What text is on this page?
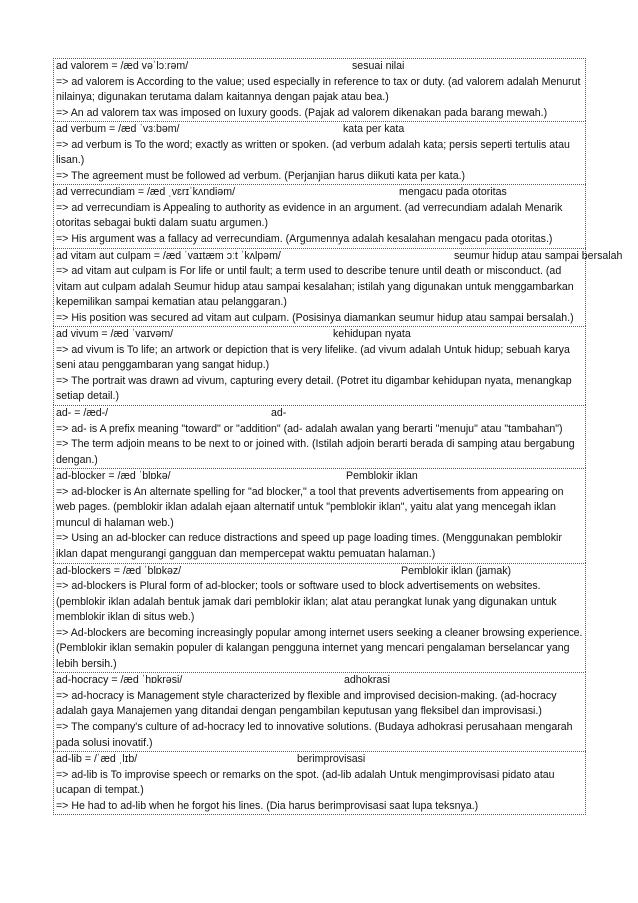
ad valorem = /æd vəˈlɔːrəm/	sesuai nilai
=> ad valorem is According to the value; used especially in reference to tax or duty. (ad valorem adalah Menurut nilainya; digunakan terutama dalam kaitannya dengan pajak atau bea.)
=> An ad valorem tax was imposed on luxury goods. (Pajak ad valorem dikenakan pada barang mewah.)
ad verbum = /æd ˈvɜːbəm/	kata per kata
=> ad verbum is To the word; exactly as written or spoken. (ad verbum adalah kata; persis seperti tertulis atau lisan.)
=> The agreement must be followed ad verbum. (Perjanjian harus diikuti kata per kata.)
ad verrecundiam = /æd ˌvɛrɪˈkʌndiəm/	mengacu pada otoritas
=> ad verrecundiam is Appealing to authority as evidence in an argument. (ad verrecundiam adalah Menarik otoritas sebagai bukti dalam suatu argumen.)
=> His argument was a fallacy ad verrecundiam. (Argumennya adalah kesalahan mengacu pada otoritas.)
ad vitam aut culpam = /æd ˈvaɪtæm ɔːt ˈkʌlpəm/	seumur hidup atau sampai bersalah
=> ad vitam aut culpam is For life or until fault; a term used to describe tenure until death or misconduct. (ad vitam aut culpam adalah Seumur hidup atau sampai kesalahan; istilah yang digunakan untuk menggambarkan kepemilikan sampai kematian atau pelanggaran.)
=> His position was secured ad vitam aut culpam. (Posisinya diamankan seumur hidup atau sampai bersalah.)
ad vivum = /æd ˈvaɪvəm/	kehidupan nyata
=> ad vivum is To life; an artwork or depiction that is very lifelike. (ad vivum adalah Untuk hidup; sebuah karya seni atau penggambaran yang sangat hidup.)
=> The portrait was drawn ad vivum, capturing every detail. (Potret itu digambar kehidupan nyata, menangkap setiap detail.)
ad- = /æd-/	ad-
=> ad- is A prefix meaning "toward" or "addition" (ad- adalah awalan yang berarti "menuju" atau "tambahan")
=> The term adjoin means to be next to or joined with. (Istilah adjoin berarti berada di samping atau bergabung dengan.)
ad-blocker = /æd ˈblɒkə/	Pemblokir iklan
=> ad-blocker is An alternate spelling for "ad blocker," a tool that prevents advertisements from appearing on web pages. (pemblokir iklan adalah ejaan alternatif untuk "pemblokir iklan", yaitu alat yang mencegah iklan muncul di halaman web.)
=> Using an ad-blocker can reduce distractions and speed up page loading times. (Menggunakan pemblokir iklan dapat mengurangi gangguan dan mempercepat waktu pemuatan halaman.)
ad-blockers = /æd ˈblɒkəz/	Pemblokir iklan (jamak)
=> ad-blockers is Plural form of ad-blocker; tools or software used to block advertisements on websites. (pemblokir iklan adalah bentuk jamak dari pemblokir iklan; alat atau perangkat lunak yang digunakan untuk memblokir iklan di situs web.)
=> Ad-blockers are becoming increasingly popular among internet users seeking a cleaner browsing experience. (Pemblokir iklan semakin populer di kalangan pengguna internet yang mencari pengalaman berselancar yang lebih bersih.)
ad-hocracy = /æd ˈhɒkrəsi/	adhokrasi
=> ad-hocracy is Management style characterized by flexible and improvised decision-making. (ad-hocracy adalah gaya Manajemen yang ditandai dengan pengambilan keputusan yang fleksibel dan improvisasi.)
=> The company's culture of ad-hocracy led to innovative solutions. (Budaya adhokrasi perusahaan mengarah pada solusi inovatif.)
ad-lib = /ˈæd ˌlɪb/	berimprovisasi
=> ad-lib is To improvise speech or remarks on the spot. (ad-lib adalah Untuk mengimprovisasi pidato atau ucapan di tempat.)
=> He had to ad-lib when he forgot his lines. (Dia harus berimprovisasi saat lupa teksnya.)
